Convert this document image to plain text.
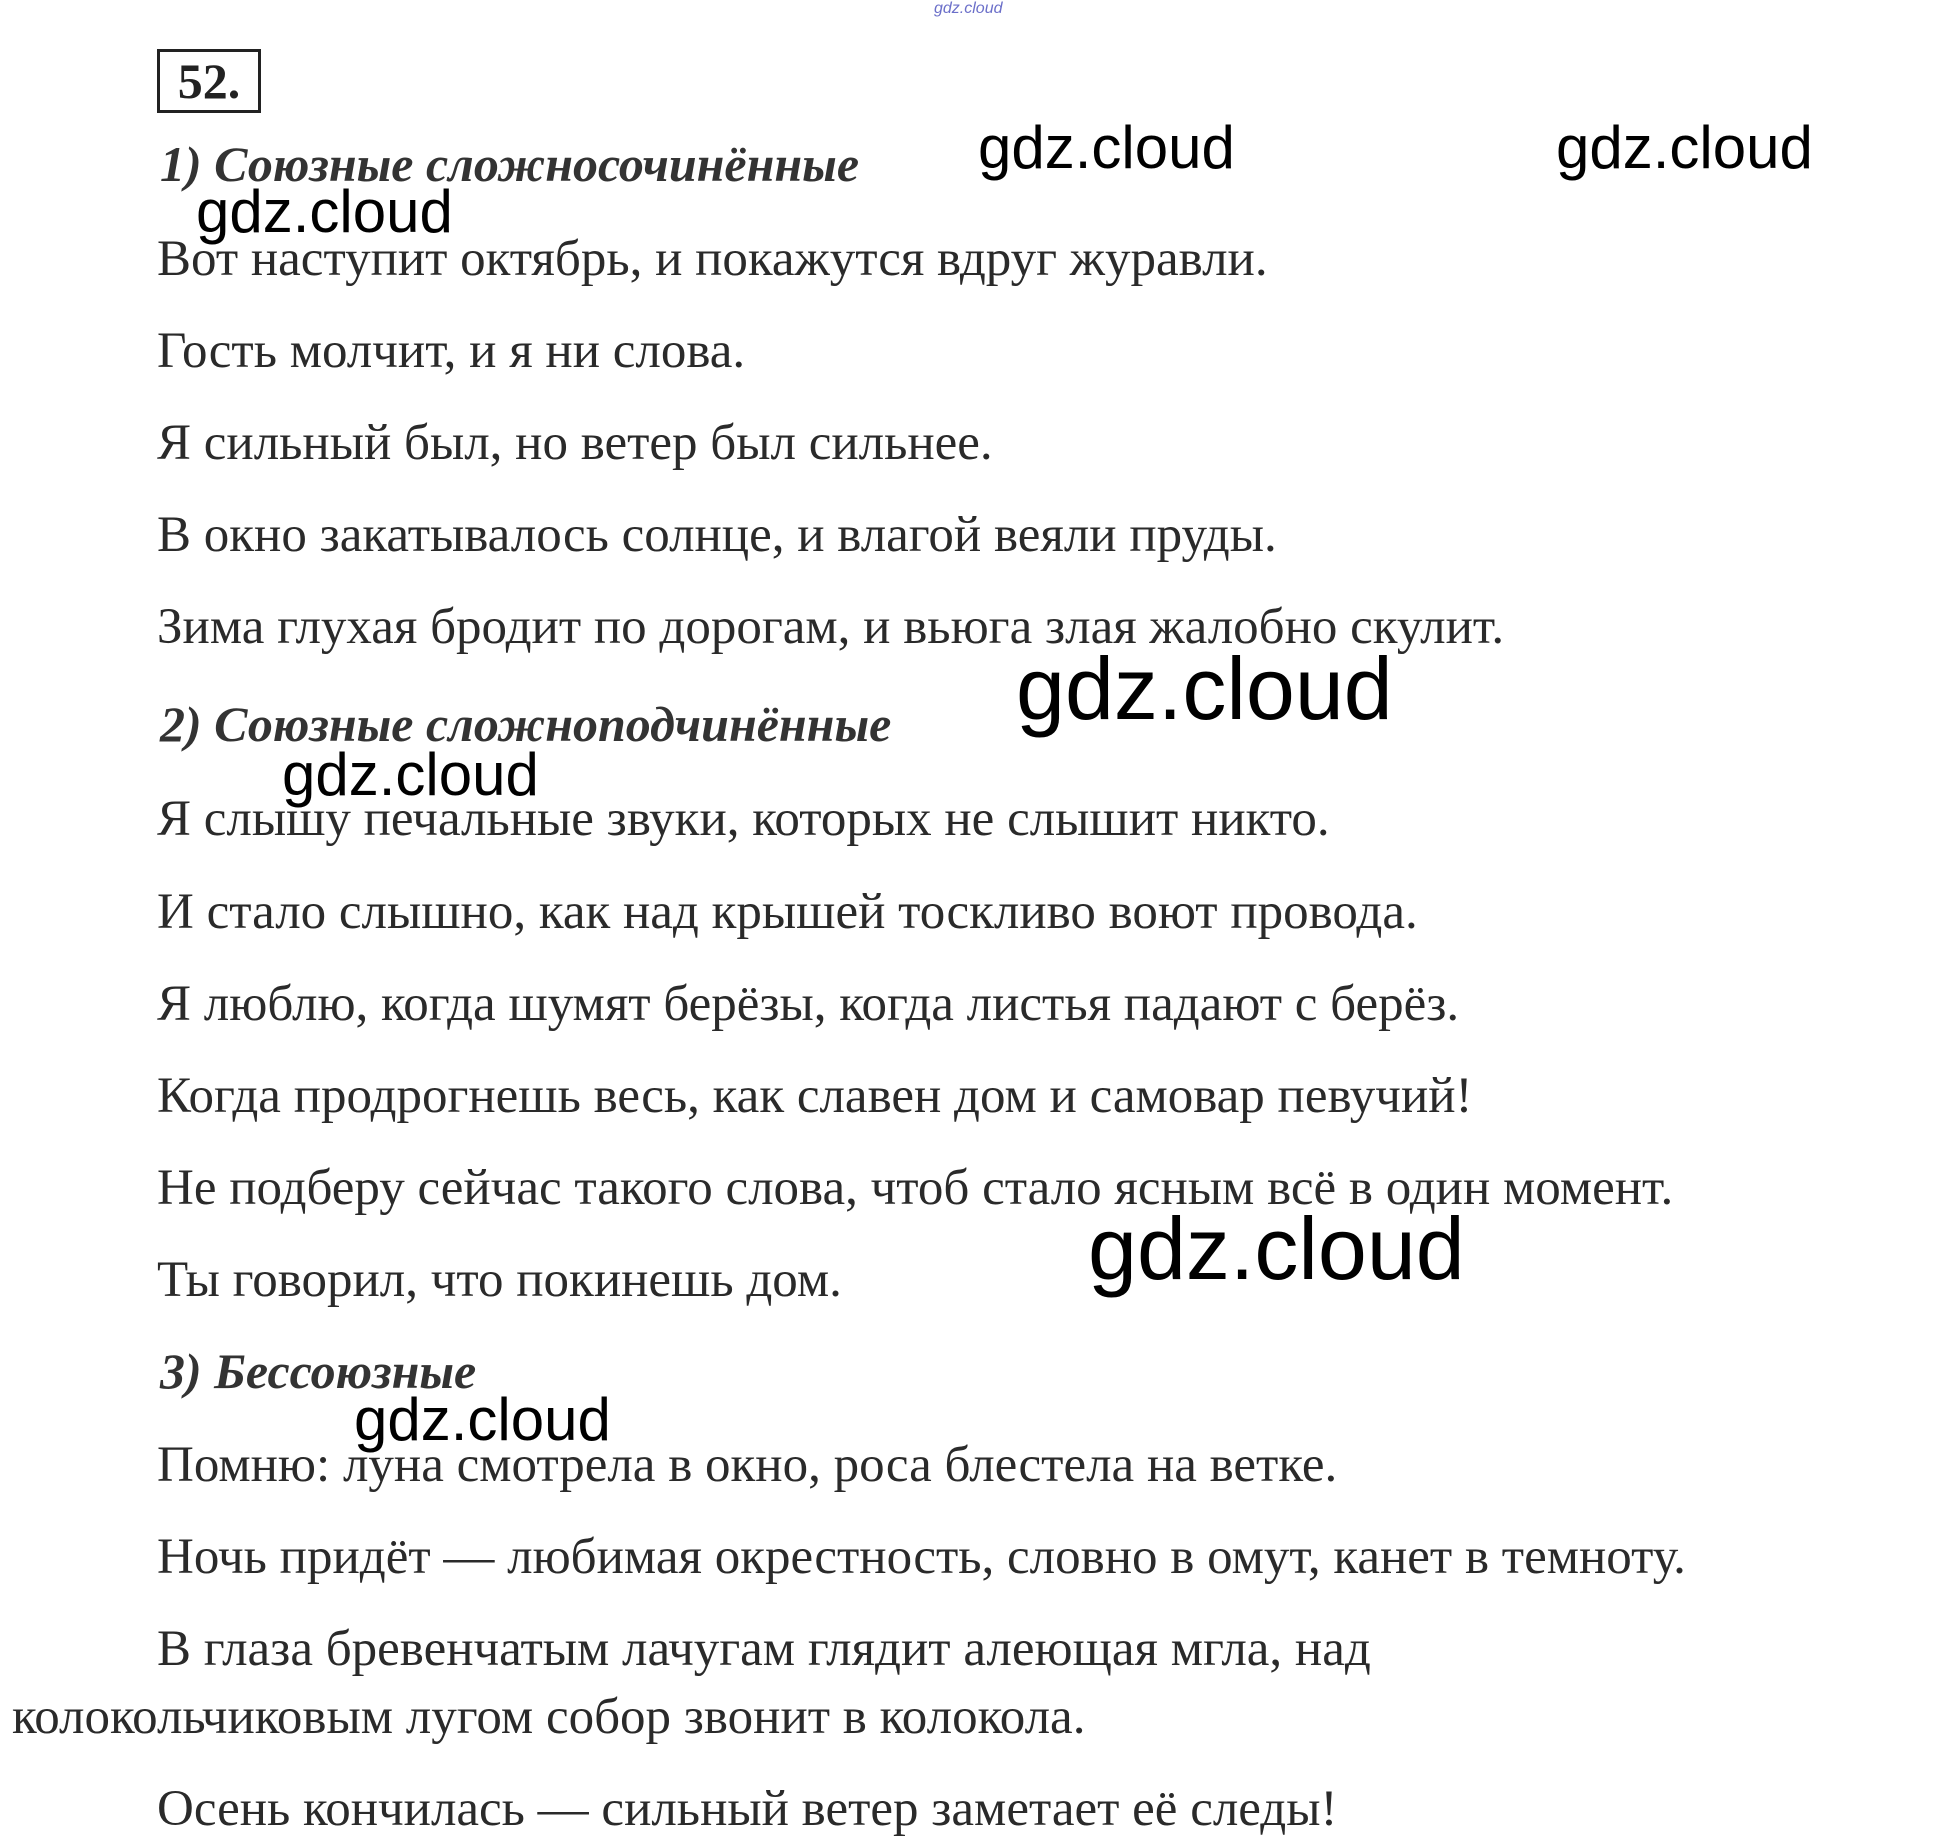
gdz.cloud
52.
1) Союзные сложносочинённые
Вот наступит октябрь, и покажутся вдруг журавли.
Гость молчит, и я ни слова.
Я сильный был, но ветер был сильнее.
В окно закатывалось солнце, и влагой веяли пруды.
Зима глухая бродит по дорогам, и вьюга злая жалобно скулит.
2) Союзные сложноподчинённые
Я слышу печальные звуки, которых не слышит никто.
И стало слышно, как над крышей тоскливо воют провода.
Я люблю, когда шумят берёзы, когда листья падают с берёз.
Когда продрогнешь весь, как славен дом и самовар певучий!
Не подберу сейчас такого слова, чтоб стало ясным всё в один момент.
Ты говорил, что покинешь дом.
3) Бессоюзные
Помню: луна смотрела в окно, роса блестела на ветке.
Ночь придёт — любимая окрестность, словно в омут, канет в темноту.
В глаза бревенчатым лачугам глядит алеющая мгла, над
колокольчиковым лугом собор звонит в колокола.
Осень кончилась — сильный ветер заметает её следы!
gdz.cloud	gdz.cloud
gdz.cloud
gdz.cloud
gdz.cloud
gdz.cloud
gdz.cloud
